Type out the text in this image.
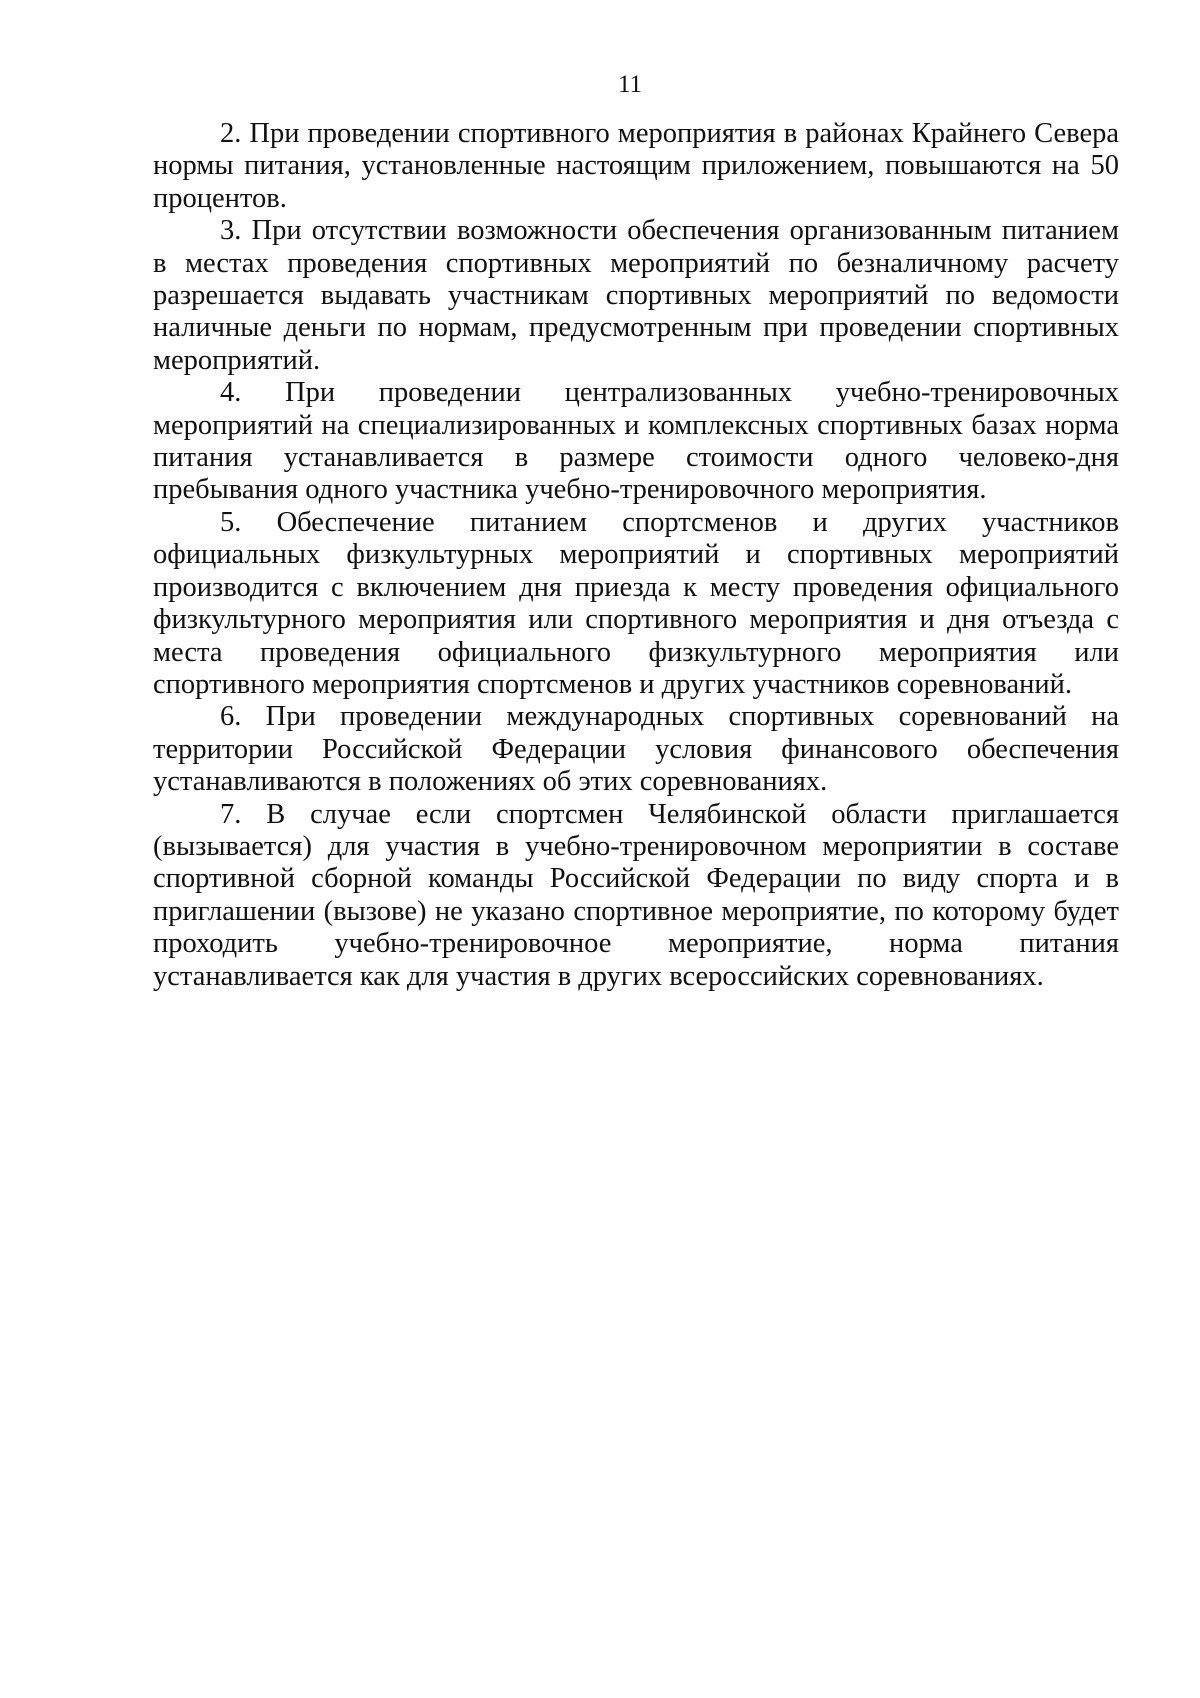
11

2. При проведении спортивного мероприятия в районах Крайнего Севера нормы питания, установленные настоящим приложением, повышаются на 50 процентов.

3. При отсутствии возможности обеспечения организованным питанием в местах проведения спортивных мероприятий по безналичному расчету разрешается выдавать участникам спортивных мероприятий по ведомости наличные деньги по нормам, предусмотренным при проведении спортивных мероприятий.

4. При проведении централизованных учебно-тренировочных мероприятий на специализированных и комплексных спортивных базах норма питания устанавливается в размере стоимости одного человеко-дня пребывания одного участника учебно-тренировочного мероприятия.

5. Обеспечение питанием спортсменов и других участников официальных физкультурных мероприятий и спортивных мероприятий производится с включением дня приезда к месту проведения официального физкультурного мероприятия или спортивного мероприятия и дня отъезда с места проведения официального физкультурного мероприятия или спортивного мероприятия спортсменов и других участников соревнований.

6. При проведении международных спортивных соревнований на территории Российской Федерации условия финансового обеспечения устанавливаются в положениях об этих соревнованиях.

7. В случае если спортсмен Челябинской области приглашается (вызывается) для участия в учебно-тренировочном мероприятии в составе спортивной сборной команды Российской Федерации по виду спорта и в приглашении (вызове) не указано спортивное мероприятие, по которому будет проходить учебно-тренировочное мероприятие, норма питания устанавливается как для участия в других всероссийских соревнованиях.
